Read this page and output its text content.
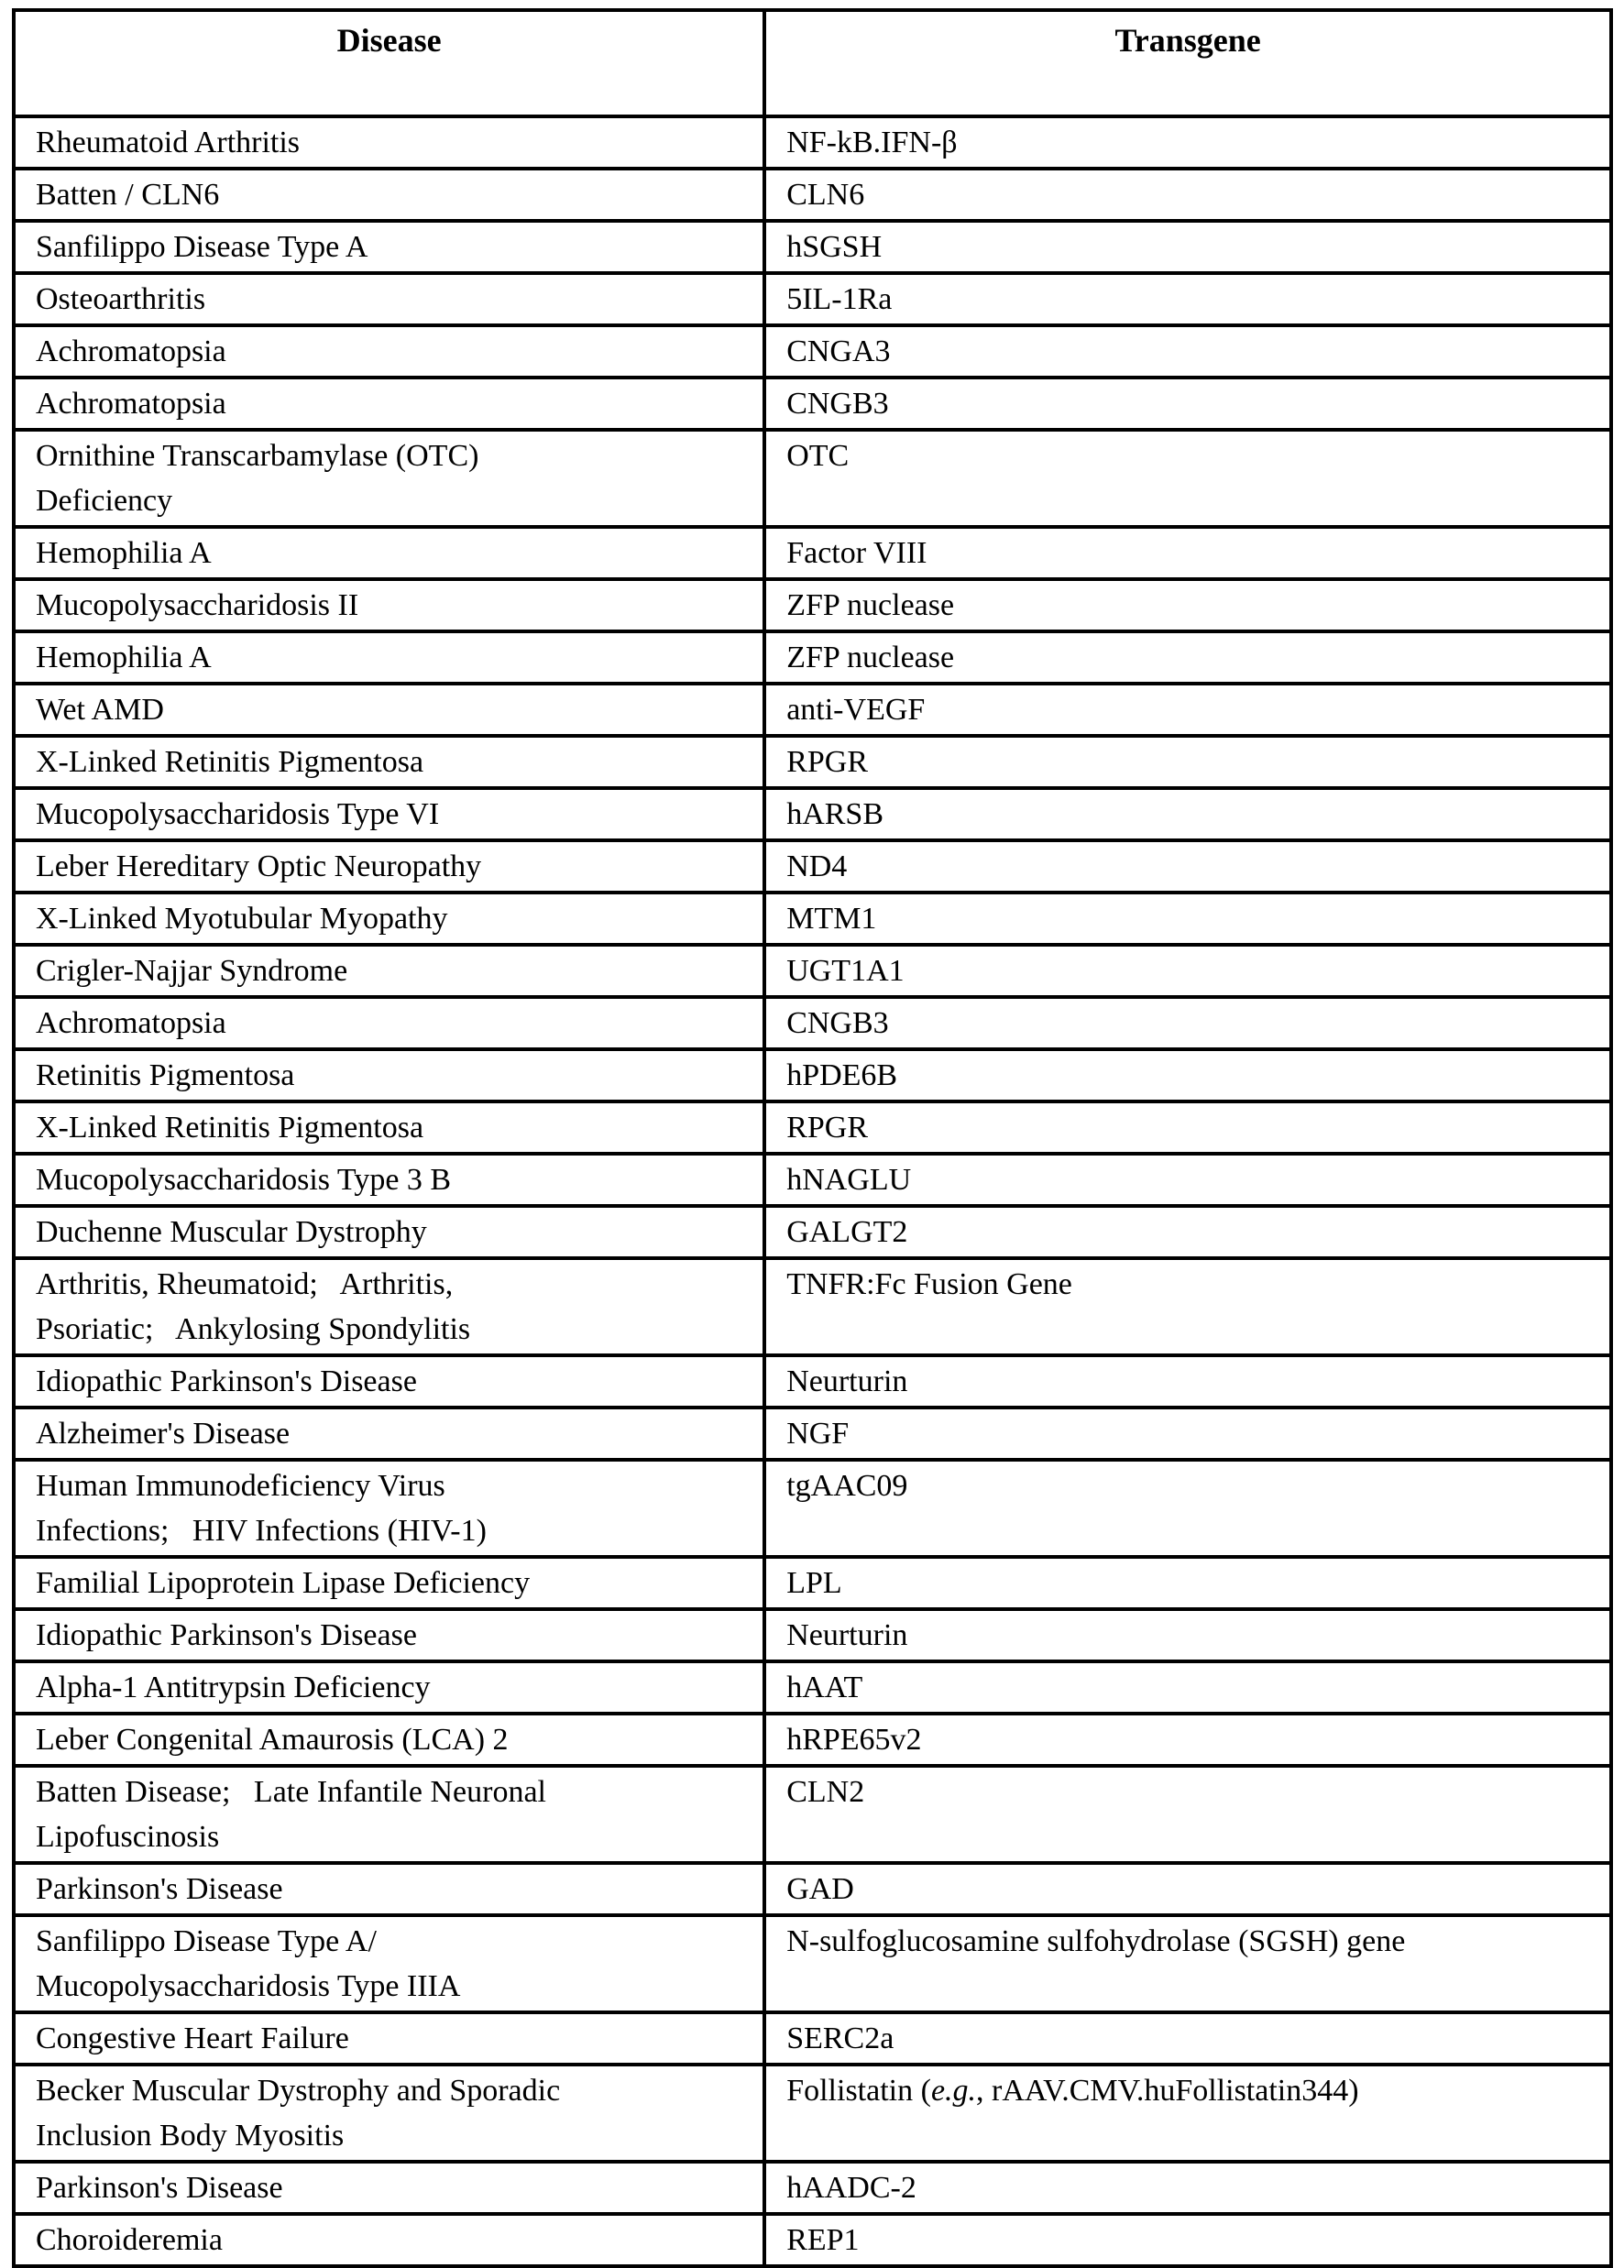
Disease	Transgene
Rheumatoid Arthritis	NF-kB.IFN-β
Batten / CLN6	CLN6
Sanfilippo Disease Type A	hSGSH
Osteoarthritis	5IL-1Ra
Achromatopsia	CNGA3
Achromatopsia	CNGB3
Ornithine Transcarbamylase (OTC)
Deficiency	OTC
Hemophilia A	Factor VIII
Mucopolysaccharidosis II	ZFP nuclease
Hemophilia A	ZFP nuclease
Wet AMD	anti-VEGF
X-Linked Retinitis Pigmentosa	RPGR
Mucopolysaccharidosis Type VI	hARSB
Leber Hereditary Optic Neuropathy	ND4
X-Linked Myotubular Myopathy	MTM1
Crigler-Najjar Syndrome	UGT1A1
Achromatopsia	CNGB3
Retinitis Pigmentosa	hPDE6B
X-Linked Retinitis Pigmentosa	RPGR
Mucopolysaccharidosis Type 3 B	hNAGLU
Duchenne Muscular Dystrophy	GALGT2
Arthritis, Rheumatoid;   Arthritis,
Psoriatic;   Ankylosing Spondylitis	TNFR:Fc Fusion Gene
Idiopathic Parkinson's Disease	Neurturin
Alzheimer's Disease	NGF
Human Immunodeficiency Virus
Infections;   HIV Infections (HIV-1)	tgAAC09
Familial Lipoprotein Lipase Deficiency	LPL
Idiopathic Parkinson's Disease	Neurturin
Alpha-1 Antitrypsin Deficiency	hAAT
Leber Congenital Amaurosis (LCA) 2	hRPE65v2
Batten Disease;   Late Infantile Neuronal
Lipofuscinosis	CLN2
Parkinson's Disease	GAD
Sanfilippo Disease Type A/
Mucopolysaccharidosis Type IIIA	N-sulfoglucosamine sulfohydrolase (SGSH) gene
Congestive Heart Failure	SERC2a
Becker Muscular Dystrophy and Sporadic
Inclusion Body Myositis	Follistatin (e.g., rAAV.CMV.huFollistatin344)
Parkinson's Disease	hAADC-2
Choroideremia	REP1
